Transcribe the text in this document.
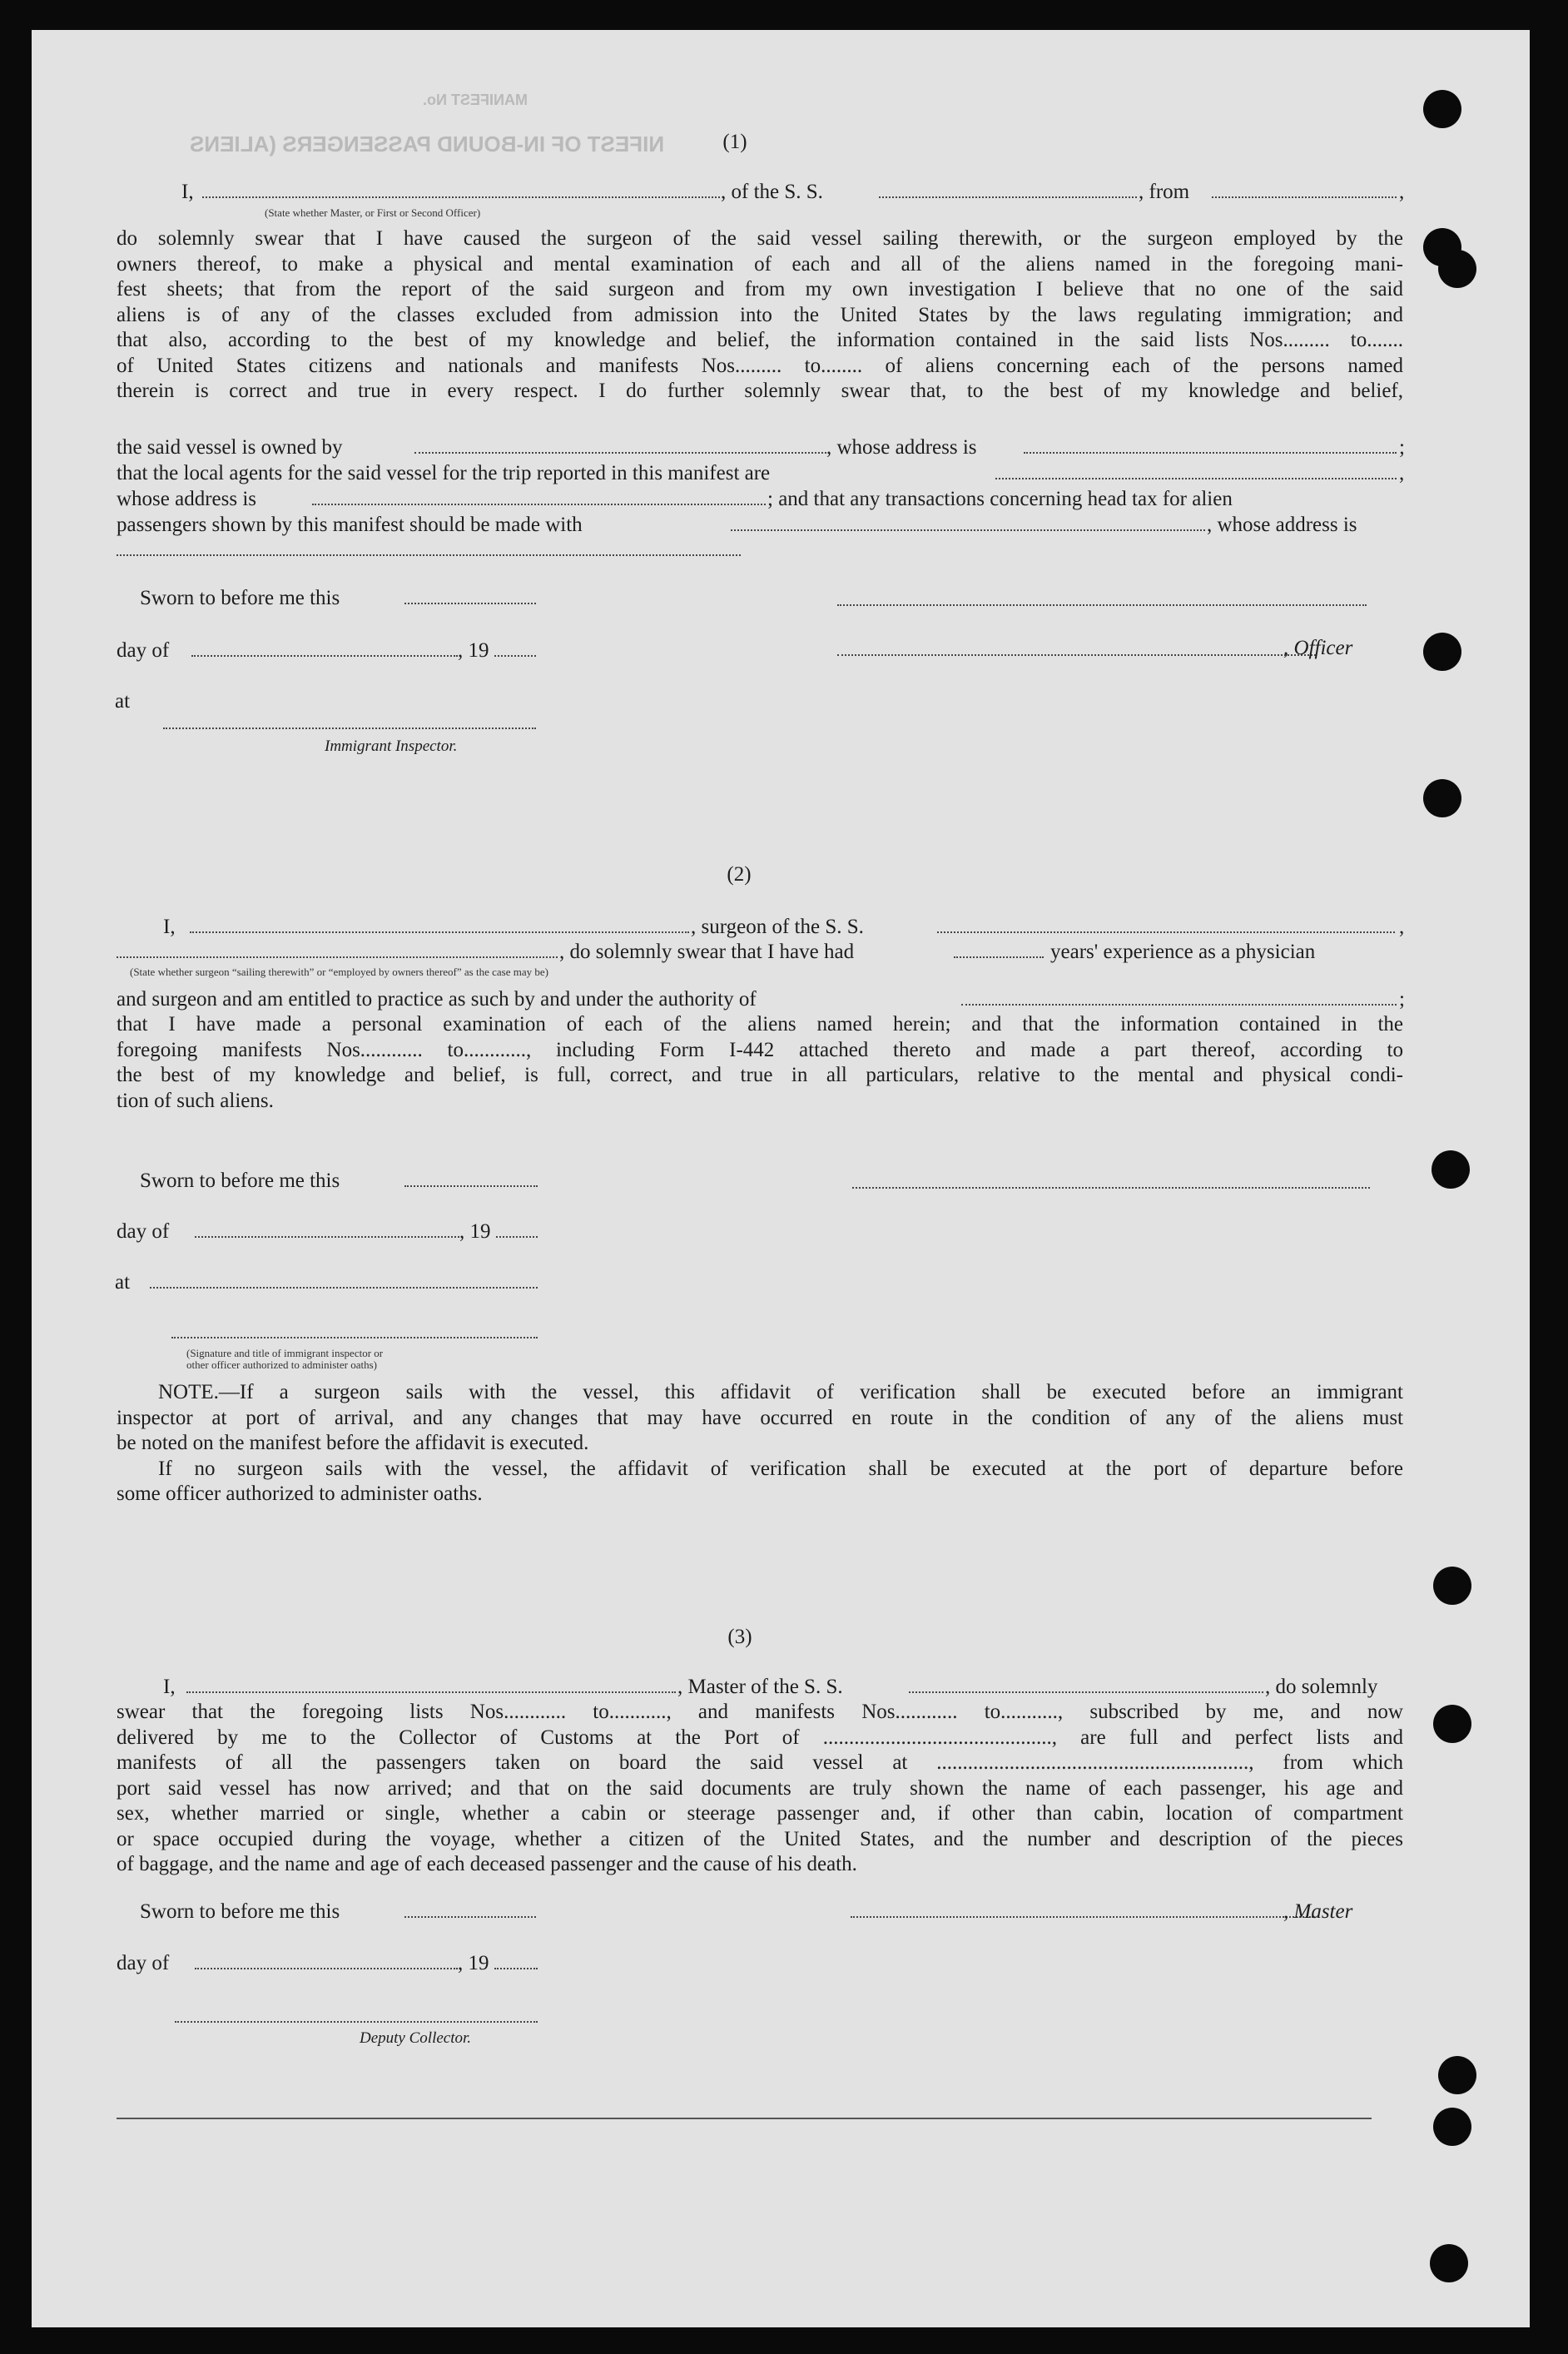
NIFEST OF IN-BOUND PASSENGERS (ALIENS
MANIFEST No.
(1)
I,	, of the S. S.	, from	,
(State whether Master, or First or Second Officer)
do solemnly swear that I have caused the surgeon of the said vessel sailing therewith, or the surgeon employed by the
owners thereof, to make a physical and mental examination of each and all of the aliens named in the foregoing mani-
fest sheets; that from the report of the said surgeon and from my own investigation I believe that no one of the said
aliens is of any of the classes excluded from admission into the United States by the laws regulating immigration; and
that also, according to the best of my knowledge and belief, the information contained in the said lists Nos......... to.......
of United States citizens and nationals and manifests Nos......... to........ of aliens concerning each of the persons named
therein is correct and true in every respect. I do further solemnly swear that, to the best of my knowledge and belief,
the said vessel is owned by	, whose address is	;
that the local agents for the said vessel for the trip reported in this manifest are	,
whose address is	; and that any transactions concerning head tax for alien
passengers shown by this manifest should be made with	, whose address is
Sworn to before me this
day of	, 19	, Officer
at
Immigrant Inspector.
(2)
I,	, surgeon of the S. S.	,
, do solemnly swear that I have had	years' experience as a physician
(State whether surgeon “sailing therewith” or “employed by owners thereof” as the case may be)
and surgeon and am entitled to practice as such by and under the authority of	;
that I have made a personal examination of each of the aliens named herein; and that the information contained in the
foregoing manifests Nos............ to............, including Form I-442 attached thereto and made a part thereof, according to
the best of my knowledge and belief, is full, correct, and true in all particulars, relative to the mental and physical condi-
tion of such aliens.
Sworn to before me this
day of	, 19
at
(Signature and title of immigrant inspector or
other officer authorized to administer oaths)
NOTE.—If a surgeon sails with the vessel, this affidavit of verification shall be executed before an immigrant
inspector at port of arrival, and any changes that may have occurred en route in the condition of any of the aliens must
be noted on the manifest before the affidavit is executed.
If no surgeon sails with the vessel, the affidavit of verification shall be executed at the port of departure before
some officer authorized to administer oaths.
(3)
I,	, Master of the S. S.	, do solemnly
swear that the foregoing lists Nos............ to..........., and manifests Nos............ to..........., subscribed by me, and now
delivered by me to the Collector of Customs at the Port of ............................................, are full and perfect lists and
manifests of all the passengers taken on board the said vessel at ............................................................, from which
port said vessel has now arrived; and that on the said documents are truly shown the name of each passenger, his age and
sex, whether married or single, whether a cabin or steerage passenger and, if other than cabin, location of compartment
or space occupied during the voyage, whether a citizen of the United States, and the number and description of the pieces
of baggage, and the name and age of each deceased passenger and the cause of his death.
Sworn to before me this	, Master
day of	, 19
Deputy Collector.
